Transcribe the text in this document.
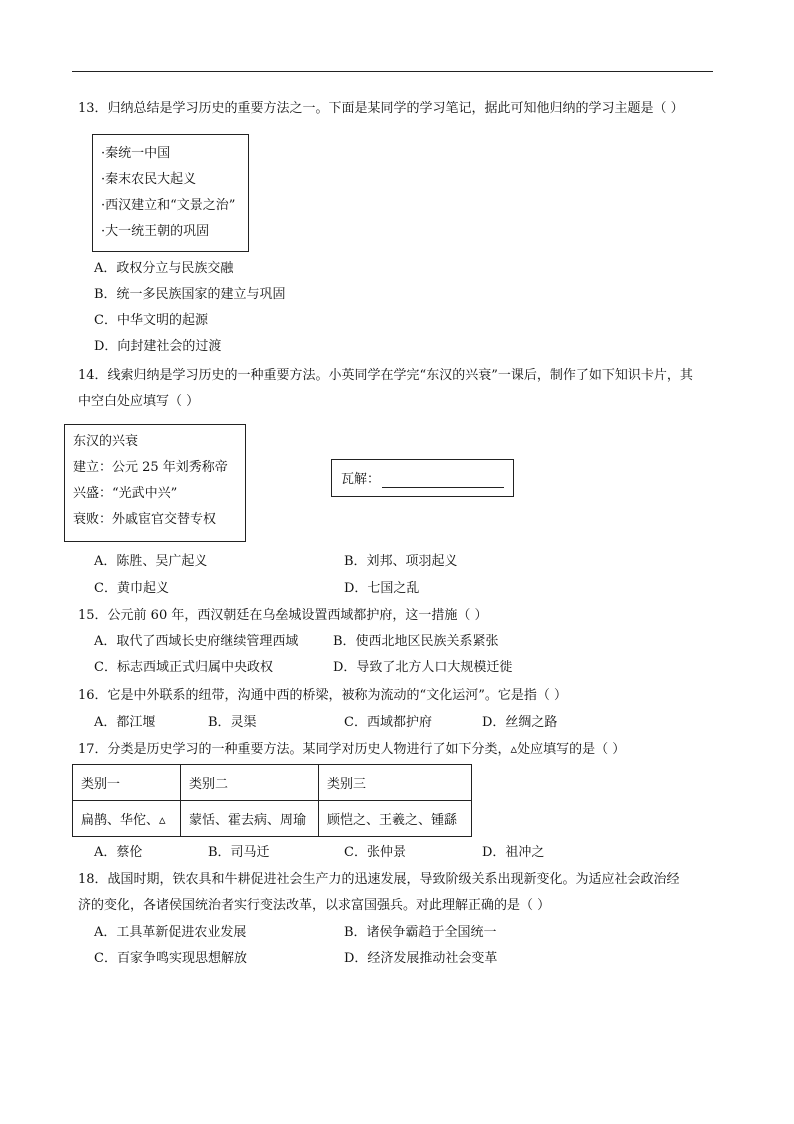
13．归纳总结是学习历史的重要方法之一。下面是某同学的学习笔记，据此可知他归纳的学习主题是（ ）
·秦统一中国
·秦末农民大起义
·西汉建立和“文景之治”
·大一统王朝的巩固
A．政权分立与民族交融
B．统一多民族国家的建立与巩固
C．中华文明的起源
D．向封建社会的过渡
14．线索归纳是学习历史的一种重要方法。小英同学在学完“东汉的兴衰”一课后，制作了如下知识卡片，其
中空白处应填写（ ）
东汉的兴衰
建立：公元 25 年刘秀称帝
兴盛：“光武中兴”
衰败：外戚宦官交替专权
瓦解：
A．陈胜、吴广起义	B．刘邦、项羽起义
C．黄巾起义	D．七国之乱
15．公元前 60 年，西汉朝廷在乌垒城设置西域都护府，这一措施（ ）
A．取代了西域长史府继续管理西域	B．使西北地区民族关系紧张
C．标志西域正式归属中央政权	D．导致了北方人口大规模迁徙
16．它是中外联系的纽带，沟通中西的桥梁，被称为流动的“文化运河”。它是指（ ）
A．都江堰	B．灵渠	C．西域都护府	D．丝绸之路
17．分类是历史学习的一种重要方法。某同学对历史人物进行了如下分类，▵处应填写的是（ ）
类别一	类别二	类别三
扁鹊、华佗、▵	蒙恬、霍去病、周瑜	顾恺之、王羲之、锺繇
A．蔡伦	B．司马迁	C．张仲景	D．祖冲之
18．战国时期，铁农具和牛耕促进社会生产力的迅速发展，导致阶级关系出现新变化。为适应社会政治经
济的变化，各诸侯国统治者实行变法改革，以求富国强兵。对此理解正确的是（ ）
A．工具革新促进农业发展	B．诸侯争霸趋于全国统一
C．百家争鸣实现思想解放	D．经济发展推动社会变革
